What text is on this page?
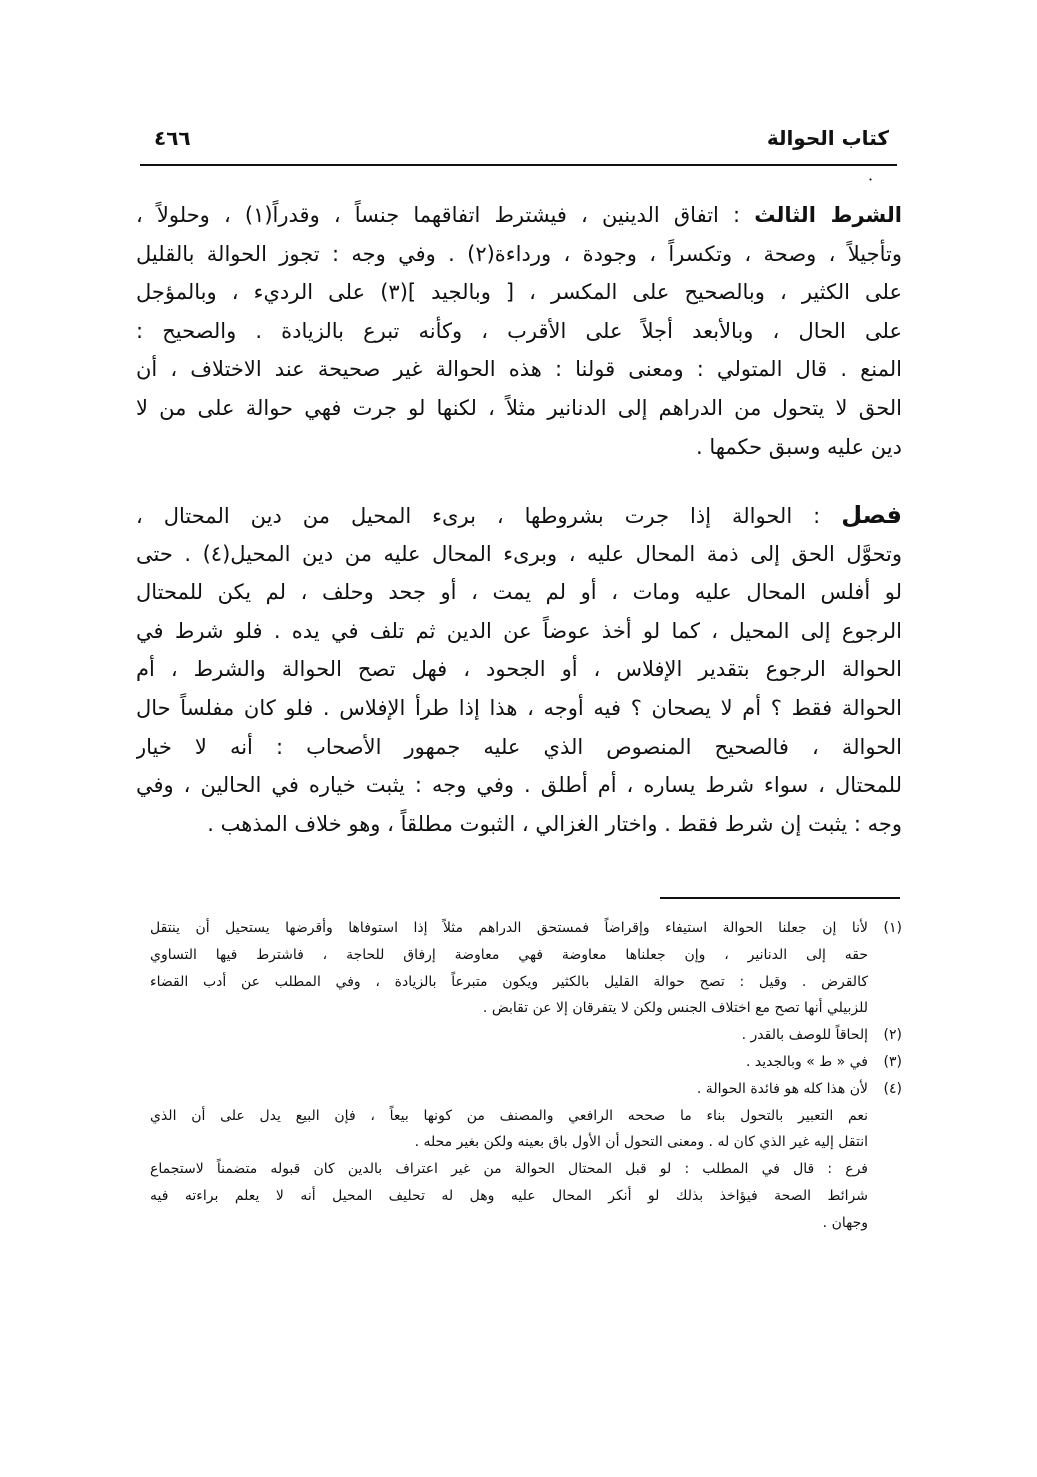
كتاب الحوالة
٤٦٦
·
الشرط الثالث : اتفاق الدينين ، فيشترط اتفاقهما جنساً ، وقدراً(١) ، وحلولاً ،
وتأجيلاً ، وصحة ، وتكسراً ، وجودة ، ورداءة(٢) . وفي وجه : تجوز الحوالة بالقليل
على الكثير ، وبالصحيح على المكسر ، [ وبالجيد ](٣) على الرديء ، وبالمؤجل
على الحال ، وبالأبعد أجلاً على الأقرب ، وكأنه تبرع بالزيادة . والصحيح :
المنع . قال المتولي : ومعنى قولنا : هذه الحوالة غير صحيحة عند الاختلاف ، أن
الحق لا يتحول من الدراهم إلى الدنانير مثلاً ، لكنها لو جرت فهي حوالة على من لا
دين عليه وسبق حكمها .
فصل : الحوالة إذا جرت بشروطها ، برىء المحيل من دين المحتال ،
وتحوَّل الحق إلى ذمة المحال عليه ، وبرىء المحال عليه من دين المحيل(٤) . حتى
لو أفلس المحال عليه ومات ، أو لم يمت ، أو جحد وحلف ، لم يكن للمحتال
الرجوع إلى المحيل ، كما لو أخذ عوضاً عن الدين ثم تلف في يده . فلو شرط في
الحوالة الرجوع بتقدير الإفلاس ، أو الجحود ، فهل تصح الحوالة والشرط ، أم
الحوالة فقط ؟ أم لا يصحان ؟ فيه أوجه ، هذا إذا طرأ الإفلاس . فلو كان مفلساً حال
الحوالة ، فالصحيح المنصوص الذي عليه جمهور الأصحاب : أنه لا خيار
للمحتال ، سواء شرط يساره ، أم أطلق . وفي وجه : يثبت خياره في الحالين ، وفي
وجه : يثبت إن شرط فقط . واختار الغزالي ، الثبوت مطلقاً ، وهو خلاف المذهب .
(١)لأنا إن جعلنا الحوالة استيفاء وإقراضاً فمستحق الدراهم مثلاً إذا استوفاها وأقرضها يستحيل أن ينتقل
حقه إلى الدنانير ، وإن جعلناها معاوضة فهي معاوضة إرفاق للحاجة ، فاشترط فيها التساوي
كالقرض . وقيل : تصح حوالة القليل بالكثير ويكون متبرعاً بالزيادة ، وفي المطلب عن أدب القضاء
للزبيلي أنها تصح مع اختلاف الجنس ولكن لا يتفرقان إلا عن تقابض .
(٢)إلحاقاً للوصف بالقدر .
(٣)في « ط » وبالجديد .
(٤)لأن هذا كله هو فائدة الحوالة .
نعم التعبير بالتحول بناء ما صححه الرافعي والمصنف من كونها بيعاً ، فإن البيع يدل على أن الذي
انتقل إليه غير الذي كان له . ومعنى التحول أن الأول باق بعينه ولكن بغير محله .
فرع : قال في المطلب : لو قبل المحتال الحوالة من غير اعتراف بالدين كان قبوله متضمناً لاستجماع
شرائط الصحة فيؤاخذ بذلك لو أنكر المحال عليه وهل له تحليف المحيل أنه لا يعلم براءته فيه
وجهان .
